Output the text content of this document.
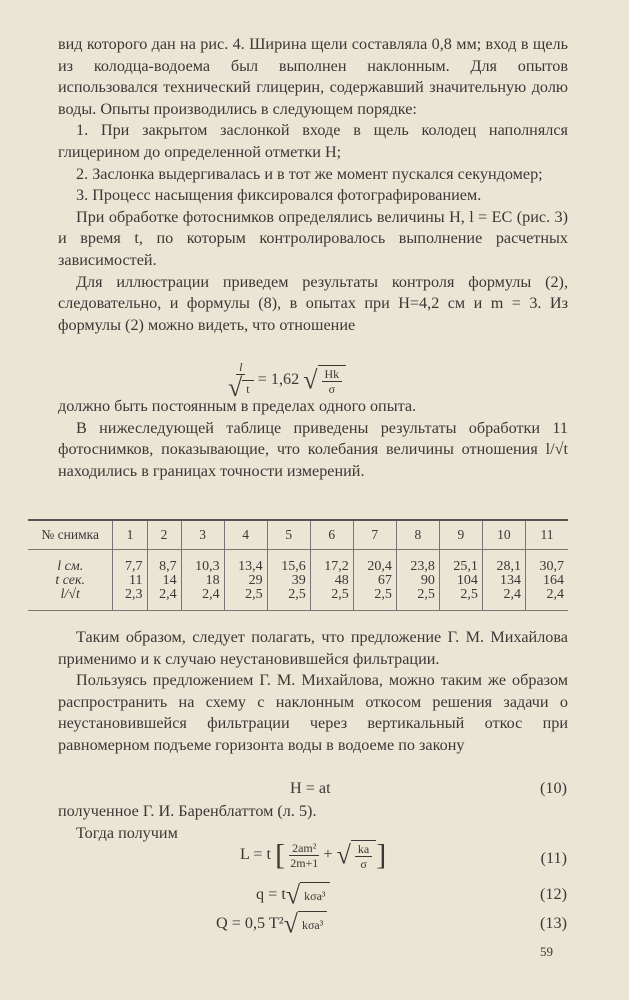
вид которого дан на рис. 4. Ширина щели составляла 0,8 мм; вход в щель из колодца-водоема был выполнен наклонным. Для опытов использовался технический глицерин, содержавший значительную долю воды. Опыты производились в следующем порядке:

1. При закрытом заслонкой входе в щель колодец наполнялся глицерином до определенной отметки H;

2. Заслонка выдергивалась и в тот же момент пускался секундомер;

3. Процесс насыщения фиксировался фотографированием.

При обработке фотоснимков определялись величины H, l = EC (рис. 3) и время t, по которым контролировалось выполнение расчетных зависимостей.

Для иллюстрации приведем результаты контроля формулы (2), следовательно, и формулы (8), в опытах при H=4,2 см и m = 3. Из формулы (2) можно видеть, что отношение

$\frac{l}{√ t} = 1,62$ √ $\frac{Hk}{\sigma}$

должно быть постоянным в пределах одного опыта.

В нижеследующей таблице приведены результаты обработки 11 фотоснимков, показывающие, что колебания величины отношения l/√t находились в границах точности измерений.

№ снимка	1	2	3	4	5	6	7	8	9	10	11
l см.	7,7	8,7	10,3	13,4	15,6	17,2	20,4	23,8	25,1	28,1	30,7
t сек.	11	14	18	29	39	48	67	90	104	134	164
l/√t	2,3	2,4	2,4	2,5	2,5	2,5	2,5	2,5	2,5	2,4	2,4

Таким образом, следует полагать, что предложение Г. М. Михайлова применимо и к случаю неустановившейся фильтрации.

Пользуясь предложением Г. М. Михайлова, можно таким же образом распространить на схему с наклонным откосом решения задачи о неустановившейся фильтрации через вертикальный откос при равномерном подъеме горизонта воды в водоеме по закону

H = at	(10)

полученное Г. И. Баренблаттом (л. 5).

Тогда получим

L = t [ $\frac{\text{2am²}}{2m+1}$ + √ $\frac{ka}{\sigma}$ ]	(11)
q = t√ kσa³	(12)
Q = 0,5 T²√ kσa³	(13)
59
